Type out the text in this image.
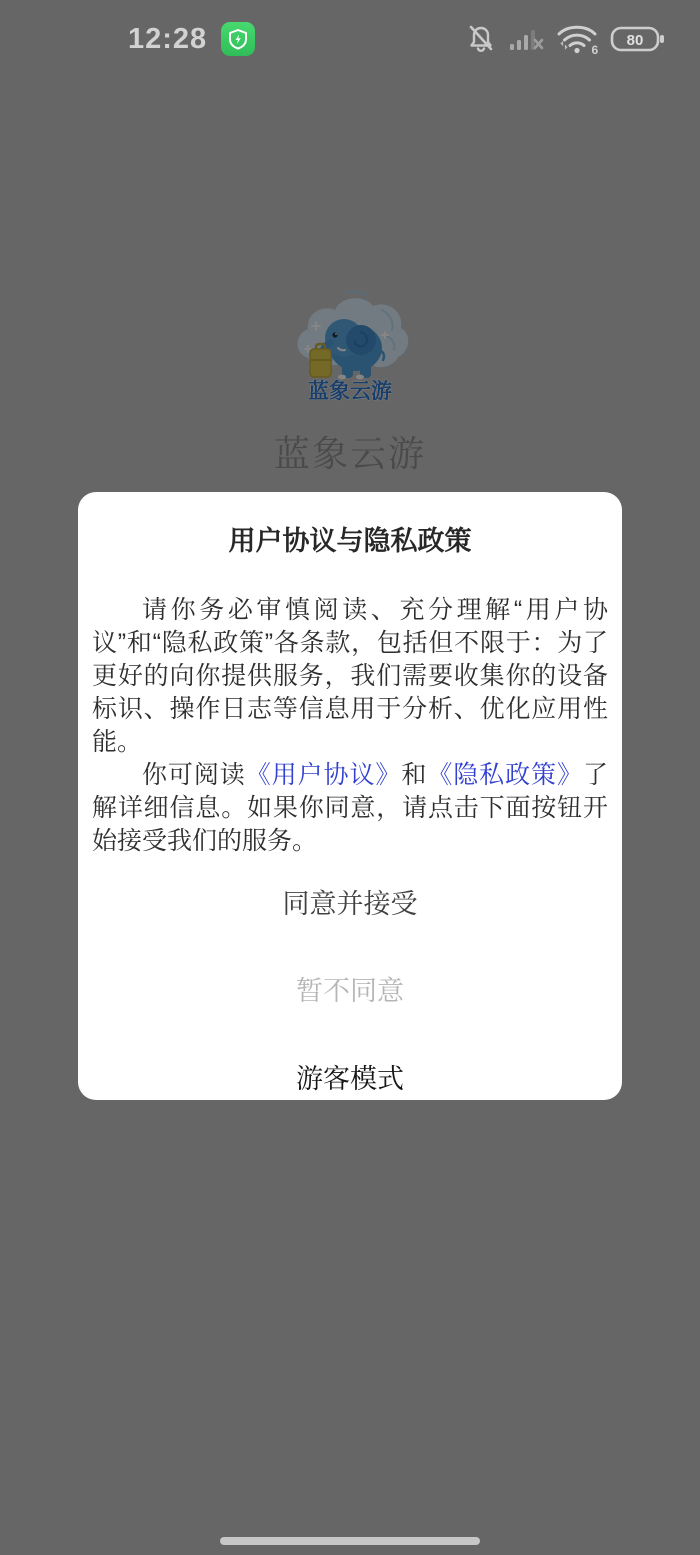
12:28	6
80
蓝象云游
蓝象云游
用户协议与隐私政策

请你务必审慎阅读、充分理解“用户协议”和“隐私政策”各条款，包括但不限于：为了更好的向你提供服务，我们需要收集你的设备标识、操作日志等信息用于分析、优化应用性能。

你可阅读《用户协议》和《隐私政策》了解详细信息。如果你同意，请点击下面按钮开始接受我们的服务。

同意并接受
暂不同意
游客模式
